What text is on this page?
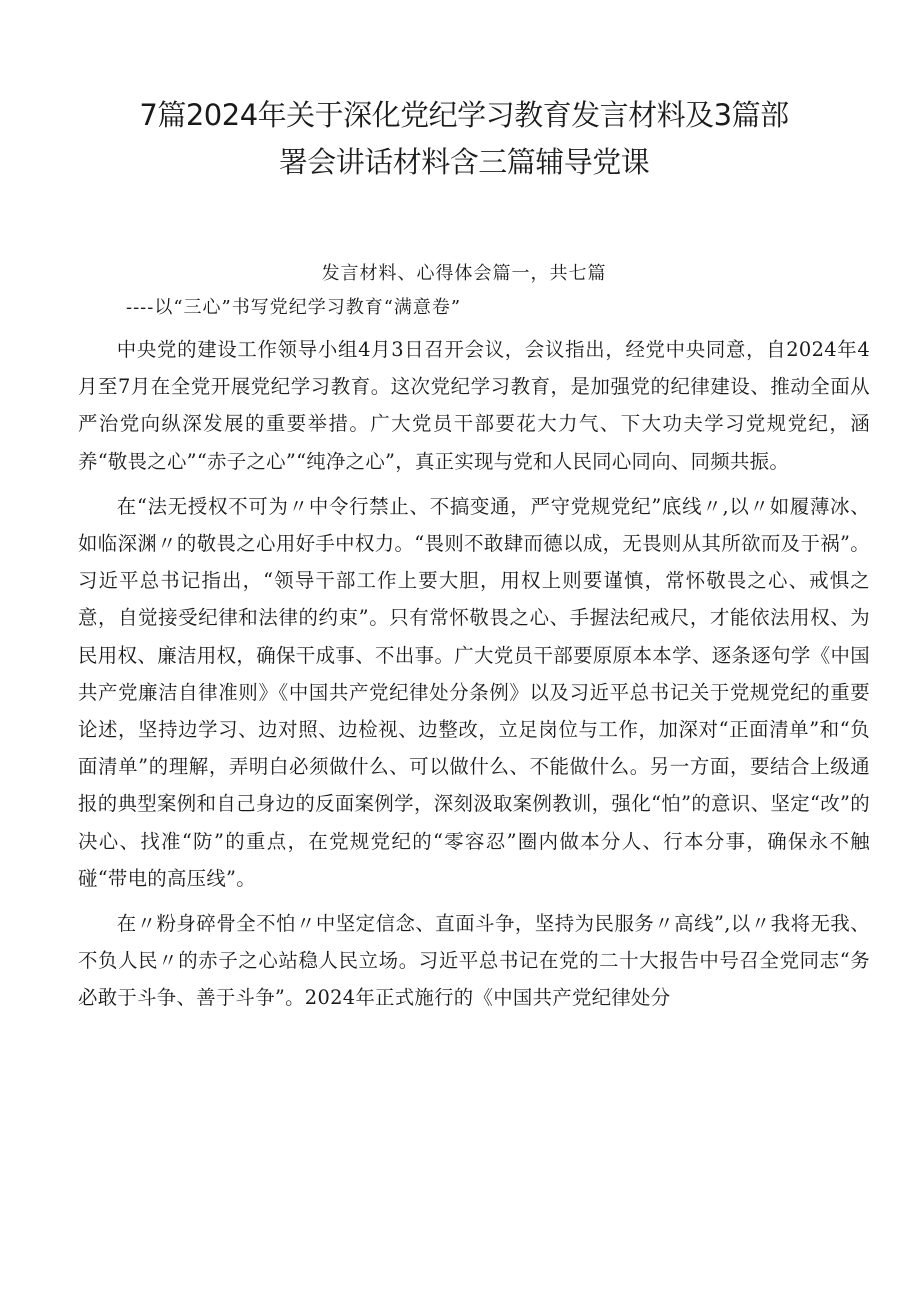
7篇2024年关于深化党纪学习教育发言材料及3篇部
署会讲话材料含三篇辅导党课

发言材料、心得体会篇一，共七篇

----以“三心”书写党纪学习教育“满意卷”

中央党的建设工作领导小组4月3日召开会议，会议指出，经党中央同意，自2024年4月至7月在全党开展党纪学习教育。这次党纪学习教育，是加强党的纪律建设、推动全面从严治党向纵深发展的重要举措。广大党员干部要花大力气、下大功夫学习党规党纪，涵养“敬畏之心”“赤子之心”“纯净之心”，真正实现与党和人民同心同向、同频共振。

在“法无授权不可为〃中令行禁止、不搞变通，严守党规党纪”底线〃,以〃如履薄冰、如临深渊〃的敬畏之心用好手中权力。“畏则不敢肆而德以成，无畏则从其所欲而及于祸”。习近平总书记指出，“领导干部工作上要大胆，用权上则要谨慎，常怀敬畏之心、戒惧之意，自觉接受纪律和法律的约束”。只有常怀敬畏之心、手握法纪戒尺，才能依法用权、为民用权、廉洁用权，确保干成事、不出事。广大党员干部要原原本本学、逐条逐句学《中国共产党廉洁自律准则》《中国共产党纪律处分条例》以及习近平总书记关于党规党纪的重要论述，坚持边学习、边对照、边检视、边整改，立足岗位与工作，加深对“正面清单”和“负面清单”的理解，弄明白必须做什么、可以做什么、不能做什么。另一方面，要结合上级通报的典型案例和自己身边的反面案例学，深刻汲取案例教训，强化“怕”的意识、坚定“改”的决心、找准“防”的重点，在党规党纪的“零容忍”圈内做本分人、行本分事，确保永不触碰“带电的高压线”。

在〃粉身碎骨全不怕〃中坚定信念、直面斗争，坚持为民服务〃高线”,以〃我将无我、不负人民〃的赤子之心站稳人民立场。习近平总书记在党的二十大报告中号召全党同志“务必敢于斗争、善于斗争”。2024年正式施行的《中国共产党纪律处分
